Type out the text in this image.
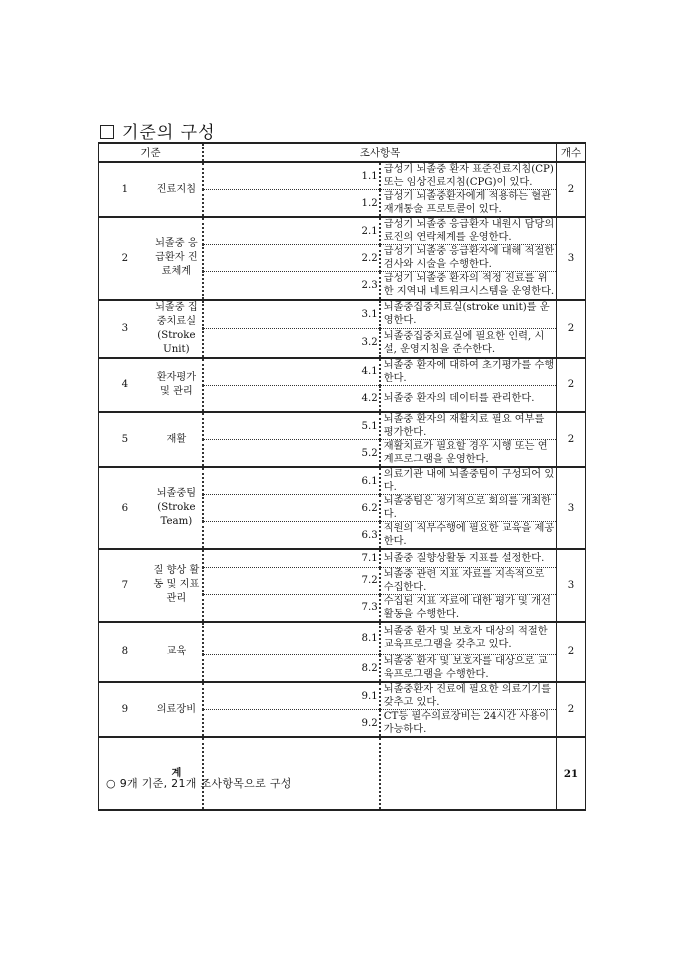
기준의 구성
기준		조사항목		개수
1	진료지침	1.1	급성기 뇌졸중 환자 표준진료지침(CP)또는 임상진료지침(CPG)이 있다.	2
		1.2	급성기 뇌졸중환자에게 적용하는 혈관 재개통술 프로토콜이 있다.	
2	뇌졸중 응급환자 진료체계	2.1	급성기 뇌졸중 응급환자 내원시 담당의료진의 연락체계를 운영한다.	3
		2.2	급성기 뇌졸중 응급환자에 대해 적절한 검사와 시술을 수행한다.	
		2.3	급성기 뇌졸중 환자의 적정 진료를 위한 지역내 네트워크시스템을 운영한다.	
3	뇌졸중 집중치료실 (Stroke Unit)	3.1	뇌졸중집중치료실(stroke unit)를 운영한다.	2
		3.2	뇌졸중집중치료실에 필요한 인력, 시설, 운영지침을 준수한다.	
4	환자평가 및 관리	4.1	뇌졸중 환자에 대하여 초기평가를 수행한다.	2
		4.2	뇌졸중 환자의 데이터를 관리한다.	
5	재활	5.1	뇌졸중 환자의 재활치료 필요 여부를 평가한다.	2
		5.2	재활치료가 필요할 경우 시행 또는 연계프로그램을 운영한다.	
6	뇌졸중팀 (Stroke Team)	6.1	의료기관 내에 뇌졸중팀이 구성되어 있다.	3
		6.2	뇌졸중팀은 정기적으로 회의를 개최한다.	
		6.3	직원의 직무수행에 필요한 교육을 제공한다.	
7	질 향상 활동 및 지표관리	7.1	뇌졸중 질향상활동 지표를 설정한다.	3
		7.2	뇌졸중 관련 지표 자료를 지속적으로 수집한다.	
		7.3	수집된 지표 자료에 대한 평가 및 개선활동을 수행한다.	
8	교육	8.1	뇌졸중 환자 및 보호자 대상의 적절한 교육프로그램을 갖추고 있다.	2
		8.2	뇌졸중 환자 및 보호자를 대상으로 교육프로그램을 수행한다.	
9	의료장비	9.1	뇌졸중환자 진료에 필요한 의료기기를 갖추고 있다.	2
		9.2	CT등 필수의료장비는 24시간 사용이 가능하다.	
	계			21
○ 9개 기준, 21개 조사항목으로 구성
